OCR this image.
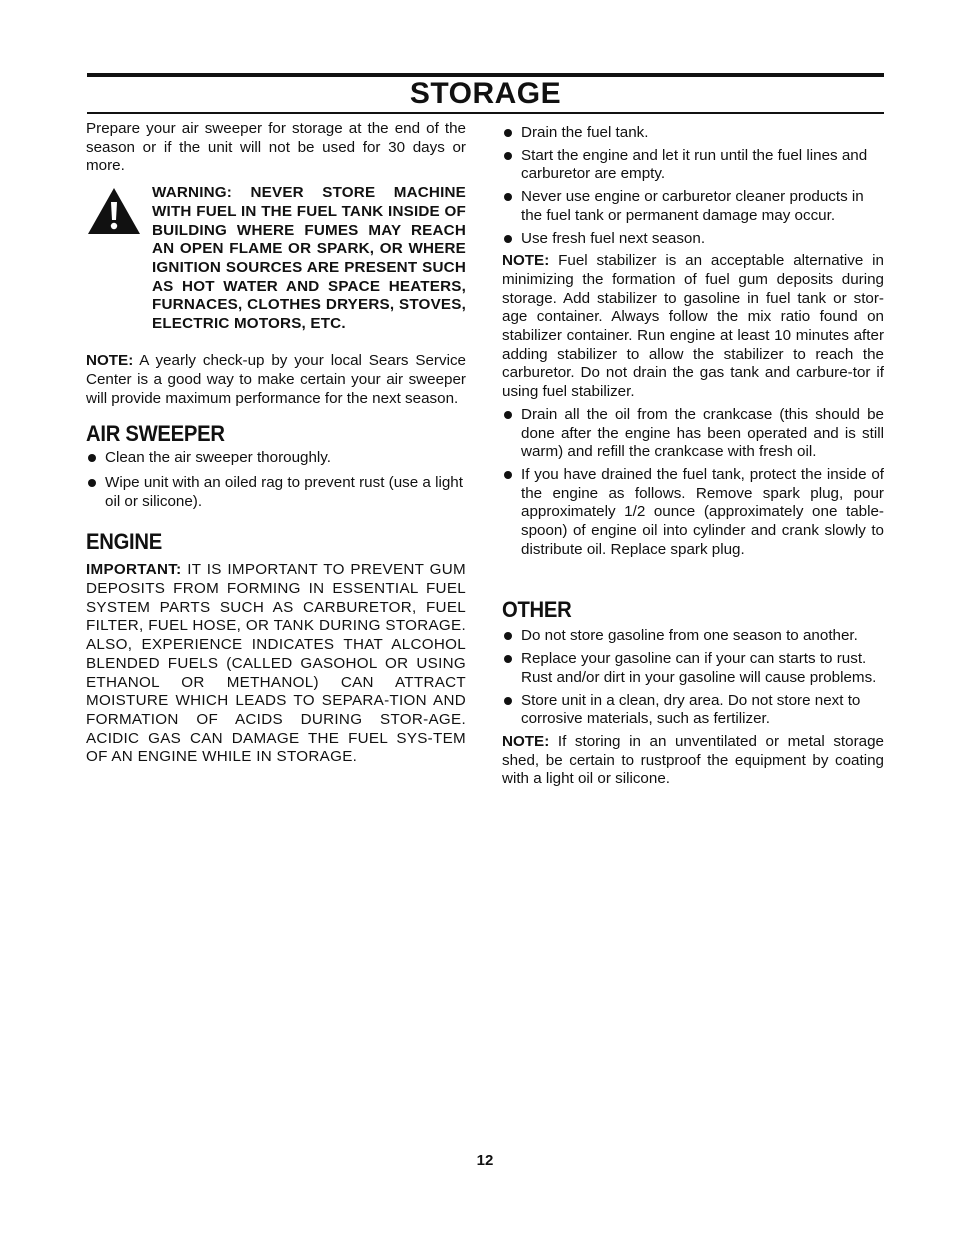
STORAGE

Prepare your air sweeper for storage at the end of the season or if the unit will not be used for 30 days or more.

WARNING: NEVER STORE MACHINE WITH FUEL IN THE FUEL TANK INSIDE OF BUILDING WHERE FUMES MAY REACH AN OPEN FLAME OR SPARK, OR WHERE IGNITION SOURCES ARE PRESENT SUCH AS HOT WATER AND SPACE HEATERS, FURNACES, CLOTHES DRYERS, STOVES, ELECTRIC MOTORS, ETC.

NOTE: A yearly check-up by your local Sears Service Center is a good way to make certain your air sweeper will provide maximum performance for the next season.

AIR SWEEPER
Clean the air sweeper thoroughly.
Wipe unit with an oiled rag to prevent rust (use a light oil or silicone).
ENGINE

IMPORTANT: IT IS IMPORTANT TO PREVENT GUM DEPOSITS FROM FORMING IN ESSENTIAL FUEL SYSTEM PARTS SUCH AS CARBURETOR, FUEL FILTER, FUEL HOSE, OR TANK DURING STORAGE. ALSO, EXPERIENCE INDICATES THAT ALCOHOL BLENDED FUELS (CALLED GASOHOL OR USING ETHANOL OR METHANOL) CAN ATTRACT MOISTURE WHICH LEADS TO SEPARA-TION AND FORMATION OF ACIDS DURING STOR-AGE. ACIDIC GAS CAN DAMAGE THE FUEL SYS-TEM OF AN ENGINE WHILE IN STORAGE.

Drain the fuel tank.
Start the engine and let it run until the fuel lines and carburetor are empty.
Never use engine or carburetor cleaner products in the fuel tank or permanent damage may occur.
Use fresh fuel next season.

NOTE: Fuel stabilizer is an acceptable alternative in minimizing the formation of fuel gum deposits during storage. Add stabilizer to gasoline in fuel tank or stor-age container. Always follow the mix ratio found on stabilizer container. Run engine at least 10 minutes after adding stabilizer to allow the stabilizer to reach the carburetor. Do not drain the gas tank and carbure-tor if using fuel stabilizer.

Drain all the oil from the crankcase (this should be done after the engine has been operated and is still warm) and refill the crankcase with fresh oil.
If you have drained the fuel tank, protect the inside of the engine as follows. Remove spark plug, pour approximately 1/2 ounce (approximately one table-spoon) of engine oil into cylinder and crank slowly to distribute oil. Replace spark plug.
OTHER
Do not store gasoline from one season to another.
Replace your gasoline can if your can starts to rust. Rust and/or dirt in your gasoline will cause problems.
Store unit in a clean, dry area. Do not store next to corrosive materials, such as fertilizer.

NOTE: If storing in an unventilated or metal storage shed, be certain to rustproof the equipment by coating with a light oil or silicone.

12
